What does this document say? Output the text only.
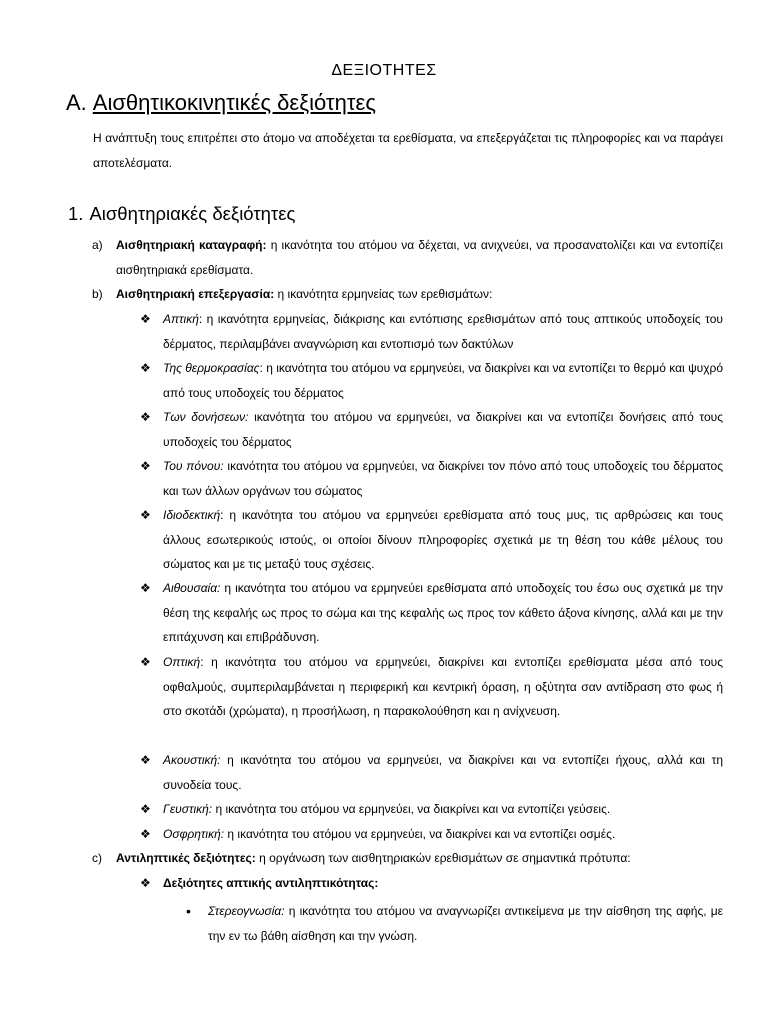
ΔΕΞΙΟΤΗΤΕΣ
A. Αισθητικοκινητικές δεξιότητες
Η ανάπτυξη τους επιτρέπει στο άτομο να αποδέχεται τα ερεθίσματα, να επεξεργάζεται τις πληροφορίες και να παράγει αποτελέσματα.
1. Αισθητηριακές δεξιότητες
a)	Αισθητηριακή καταγραφή: η ικανότητα του ατόμου να δέχεται, να ανιχνεύει, να προσανατολίζει και να εντοπίζει αισθητηριακά ερεθίσματα.
b)	Αισθητηριακή επεξεργασία: η ικανότητα ερμηνείας των ερεθισμάτων:
❖	Απτική: η ικανότητα ερμηνείας, διάκρισης και εντόπισης ερεθισμάτων από τους απτικούς υποδοχείς του δέρματος, περιλαμβάνει αναγνώριση και εντοπισμό των δακτύλων
❖	Της θερμοκρασίας: η ικανότητα του ατόμου να ερμηνεύει, να διακρίνει και να εντοπίζει το θερμό και ψυχρό από τους υποδοχείς του δέρματος
❖	Των δονήσεων: ικανότητα του ατόμου να ερμηνεύει, να διακρίνει και να εντοπίζει δονήσεις από τους υποδοχείς του δέρματος
❖	Του πόνου: ικανότητα του ατόμου να ερμηνεύει, να διακρίνει τον πόνο από τους υποδοχείς του δέρματος και των άλλων οργάνων του σώματος
❖	Ιδιοδεκτική: η ικανότητα του ατόμου να ερμηνεύει ερεθίσματα από τους μυς, τις αρθρώσεις και τους άλλους εσωτερικούς ιστούς, οι οποίοι δίνουν πληροφορίες σχετικά με τη θέση του κάθε μέλους του σώματος και με τις μεταξύ τους σχέσεις.
❖	Αιθουσαία: η ικανότητα του ατόμου να ερμηνεύει ερεθίσματα από υποδοχείς του έσω ους σχετικά με την θέση της κεφαλής ως προς το σώμα και της κεφαλής ως προς τον κάθετο άξονα κίνησης, αλλά και με την επιτάχυνση και επιβράδυνση.
❖	Οπτική: η ικανότητα του ατόμου να ερμηνεύει, διακρίνει και εντοπίζει ερεθίσματα μέσα από τους οφθαλμούς, συμπεριλαμβάνεται η περιφερική και κεντρική όραση, η οξύτητα σαν αντίδραση στο φως ή στο σκοτάδι (χρώματα), η προσήλωση, η παρακολούθηση και η ανίχνευση.
❖	Ακουστική: η ικανότητα του ατόμου να ερμηνεύει, να διακρίνει και να εντοπίζει ήχους, αλλά και τη συνοδεία τους.
❖	Γευστική: η ικανότητα του ατόμου να ερμηνεύει, να διακρίνει και να εντοπίζει γεύσεις.
❖	Οσφρητική: η ικανότητα του ατόμου να ερμηνεύει, να διακρίνει και να εντοπίζει οσμές.
c)	Αντιληπτικές δεξιότητες: η οργάνωση των αισθητηριακών ερεθισμάτων σε σημαντικά πρότυπα:
❖	Δεξιότητες απτικής αντιληπτικότητας:
•	Στερεογνωσία: η ικανότητα του ατόμου να αναγνωρίζει αντικείμενα με την αίσθηση της αφής, με την εν τω βάθη αίσθηση και την γνώση.
